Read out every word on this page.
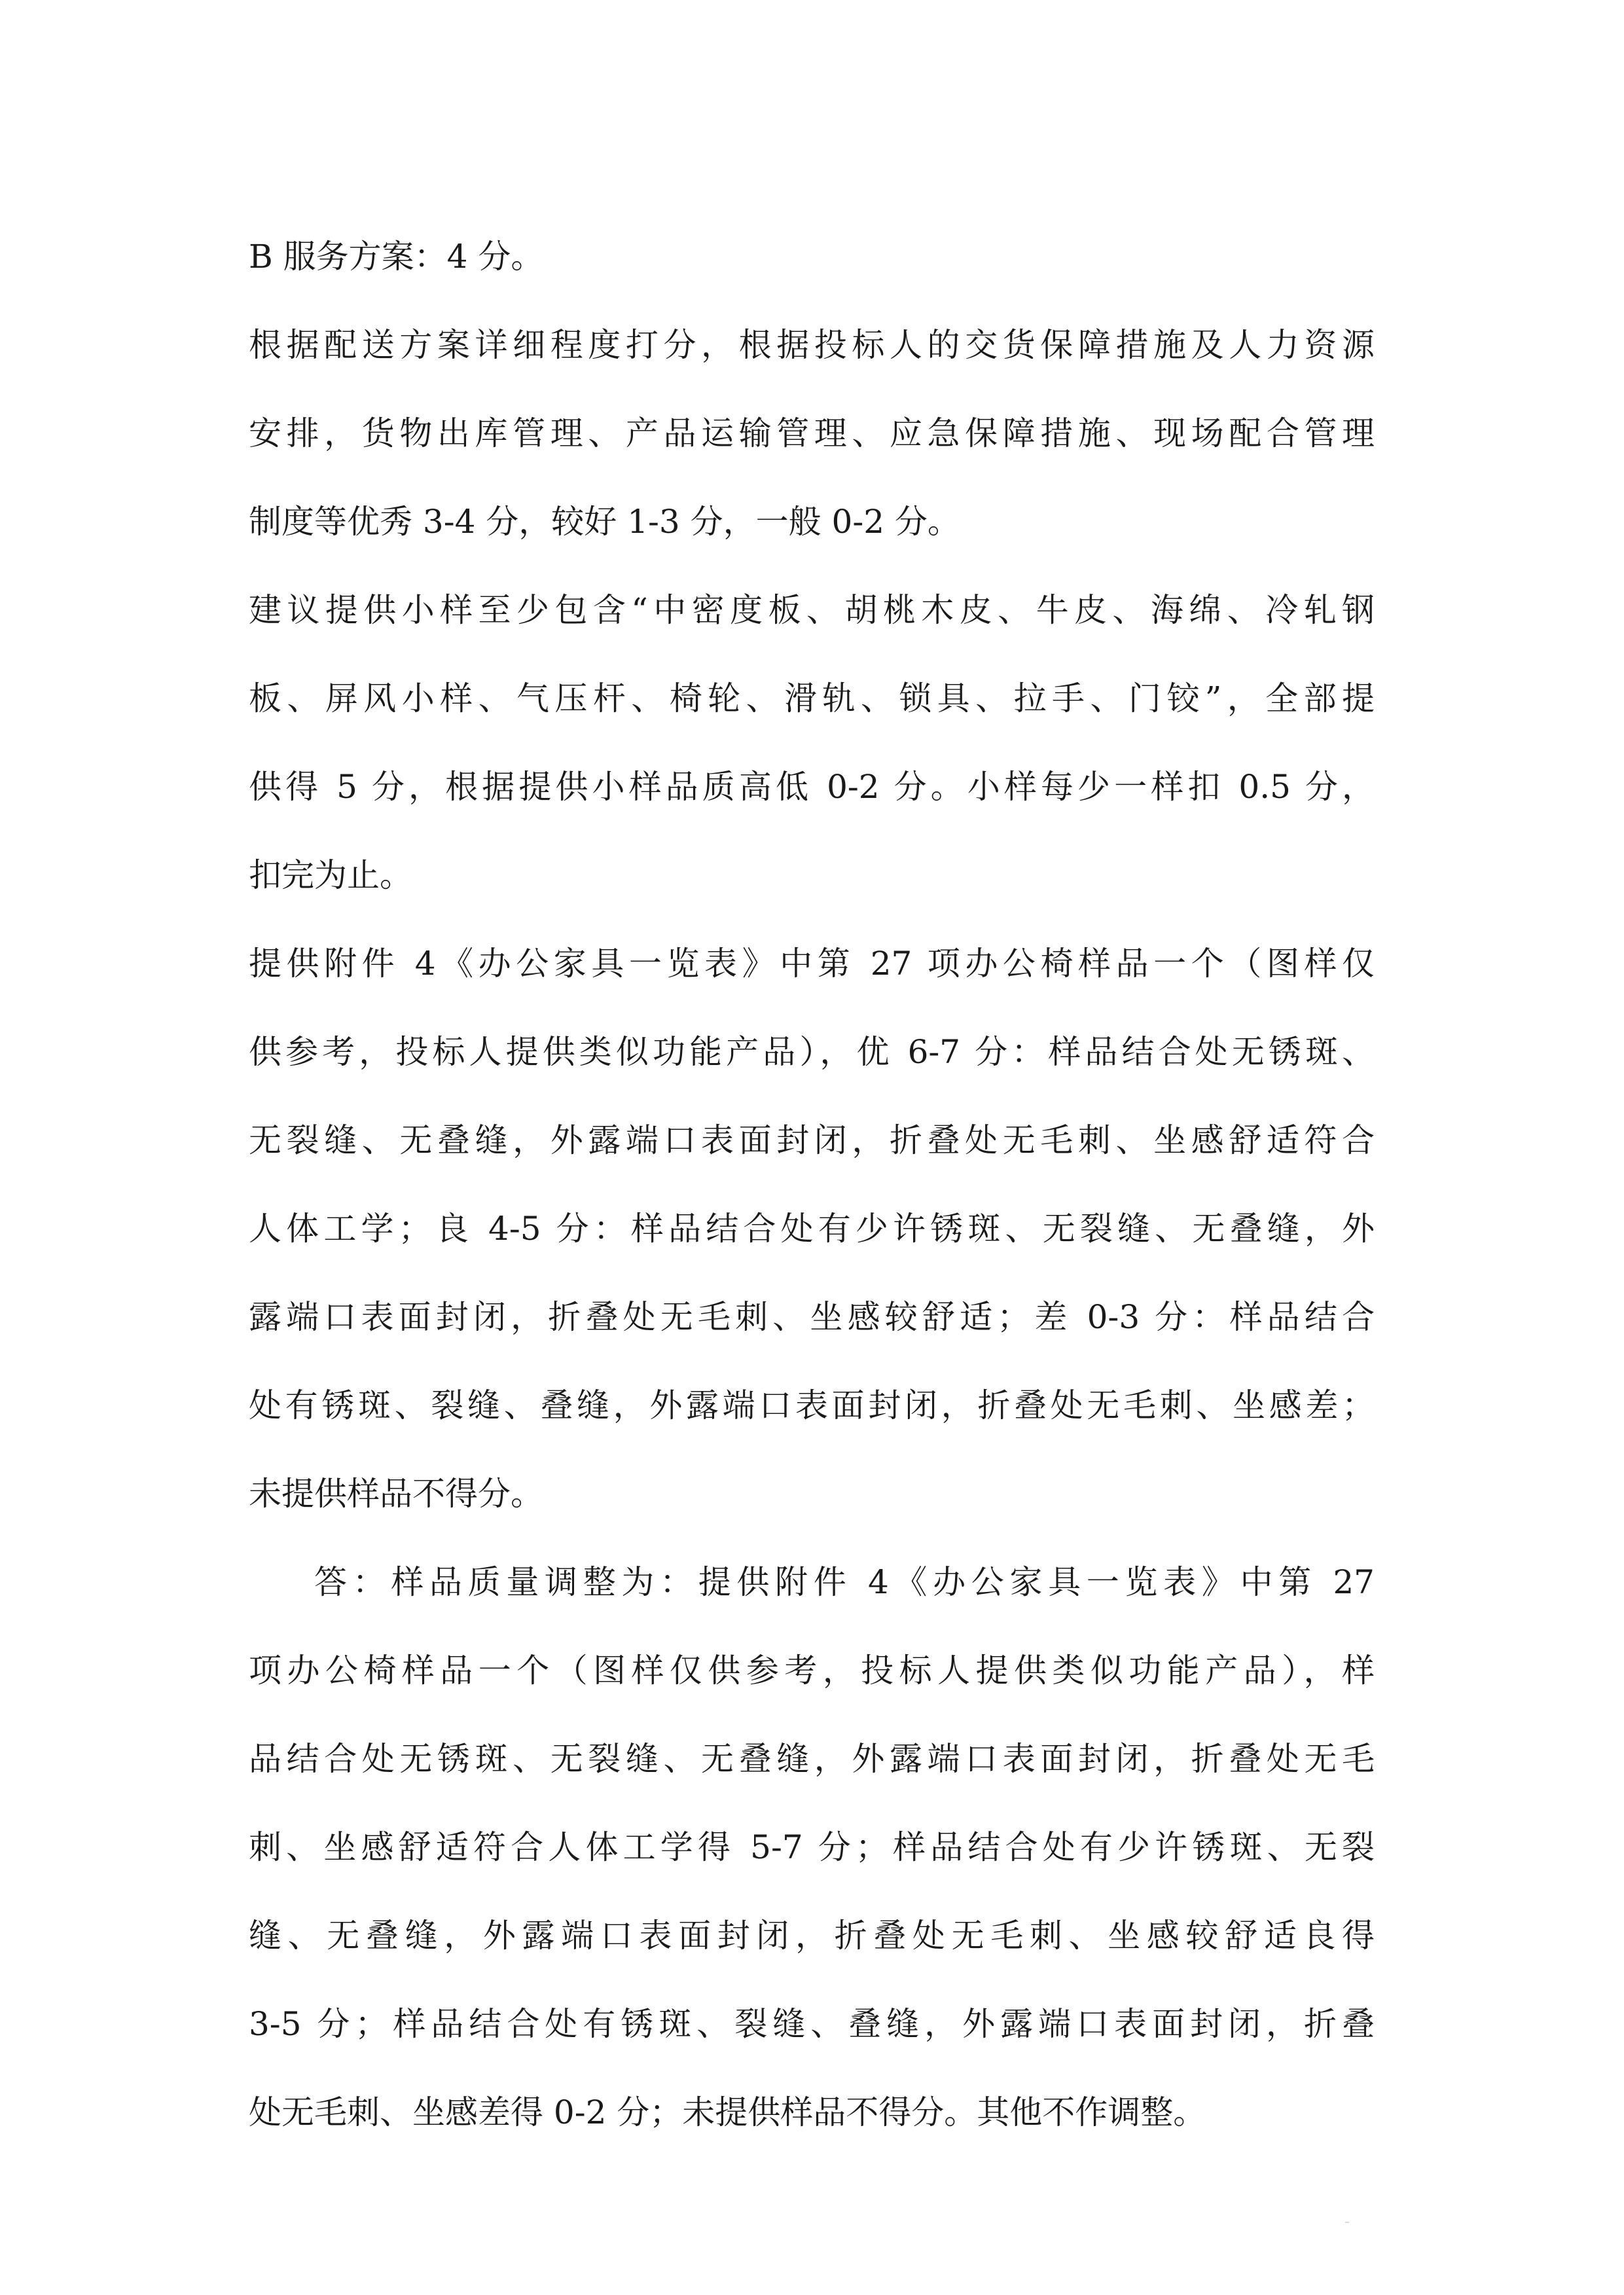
B 服务方案：4 分。
根据配送方案详细程度打分，根据投标人的交货保障措施及人力资源
安排，货物出库管理、产品运输管理、应急保障措施、现场配合管理
制度等优秀 3-4 分，较好 1-3 分，一般 0-2 分。
建议提供小样至少包含“中密度板、胡桃木皮、牛皮、海绵、冷轧钢
板、屏风小样、气压杆、椅轮、滑轨、锁具、拉手、门铰”，全部提
供得 5 分，根据提供小样品质高低 0-2 分。小样每少一样扣 0.5 分，
扣完为止。
提供附件 4《办公家具一览表》中第 27 项办公椅样品一个（图样仅
供参考，投标人提供类似功能产品），优 6-7 分：样品结合处无锈斑、
无裂缝、无叠缝，外露端口表面封闭，折叠处无毛刺、坐感舒适符合
人体工学；良 4-5 分：样品结合处有少许锈斑、无裂缝、无叠缝，外
露端口表面封闭，折叠处无毛刺、坐感较舒适；差 0-3 分：样品结合
处有锈斑、裂缝、叠缝，外露端口表面封闭，折叠处无毛刺、坐感差；
未提供样品不得分。
答：样品质量调整为：提供附件 4《办公家具一览表》中第 27
项办公椅样品一个（图样仅供参考，投标人提供类似功能产品），样
品结合处无锈斑、无裂缝、无叠缝，外露端口表面封闭，折叠处无毛
刺、坐感舒适符合人体工学得 5-7 分；样品结合处有少许锈斑、无裂
缝、无叠缝，外露端口表面封闭，折叠处无毛刺、坐感较舒适良得
3-5 分；样品结合处有锈斑、裂缝、叠缝，外露端口表面封闭，折叠
处无毛刺、坐感差得 0-2 分；未提供样品不得分。其他不作调整。
